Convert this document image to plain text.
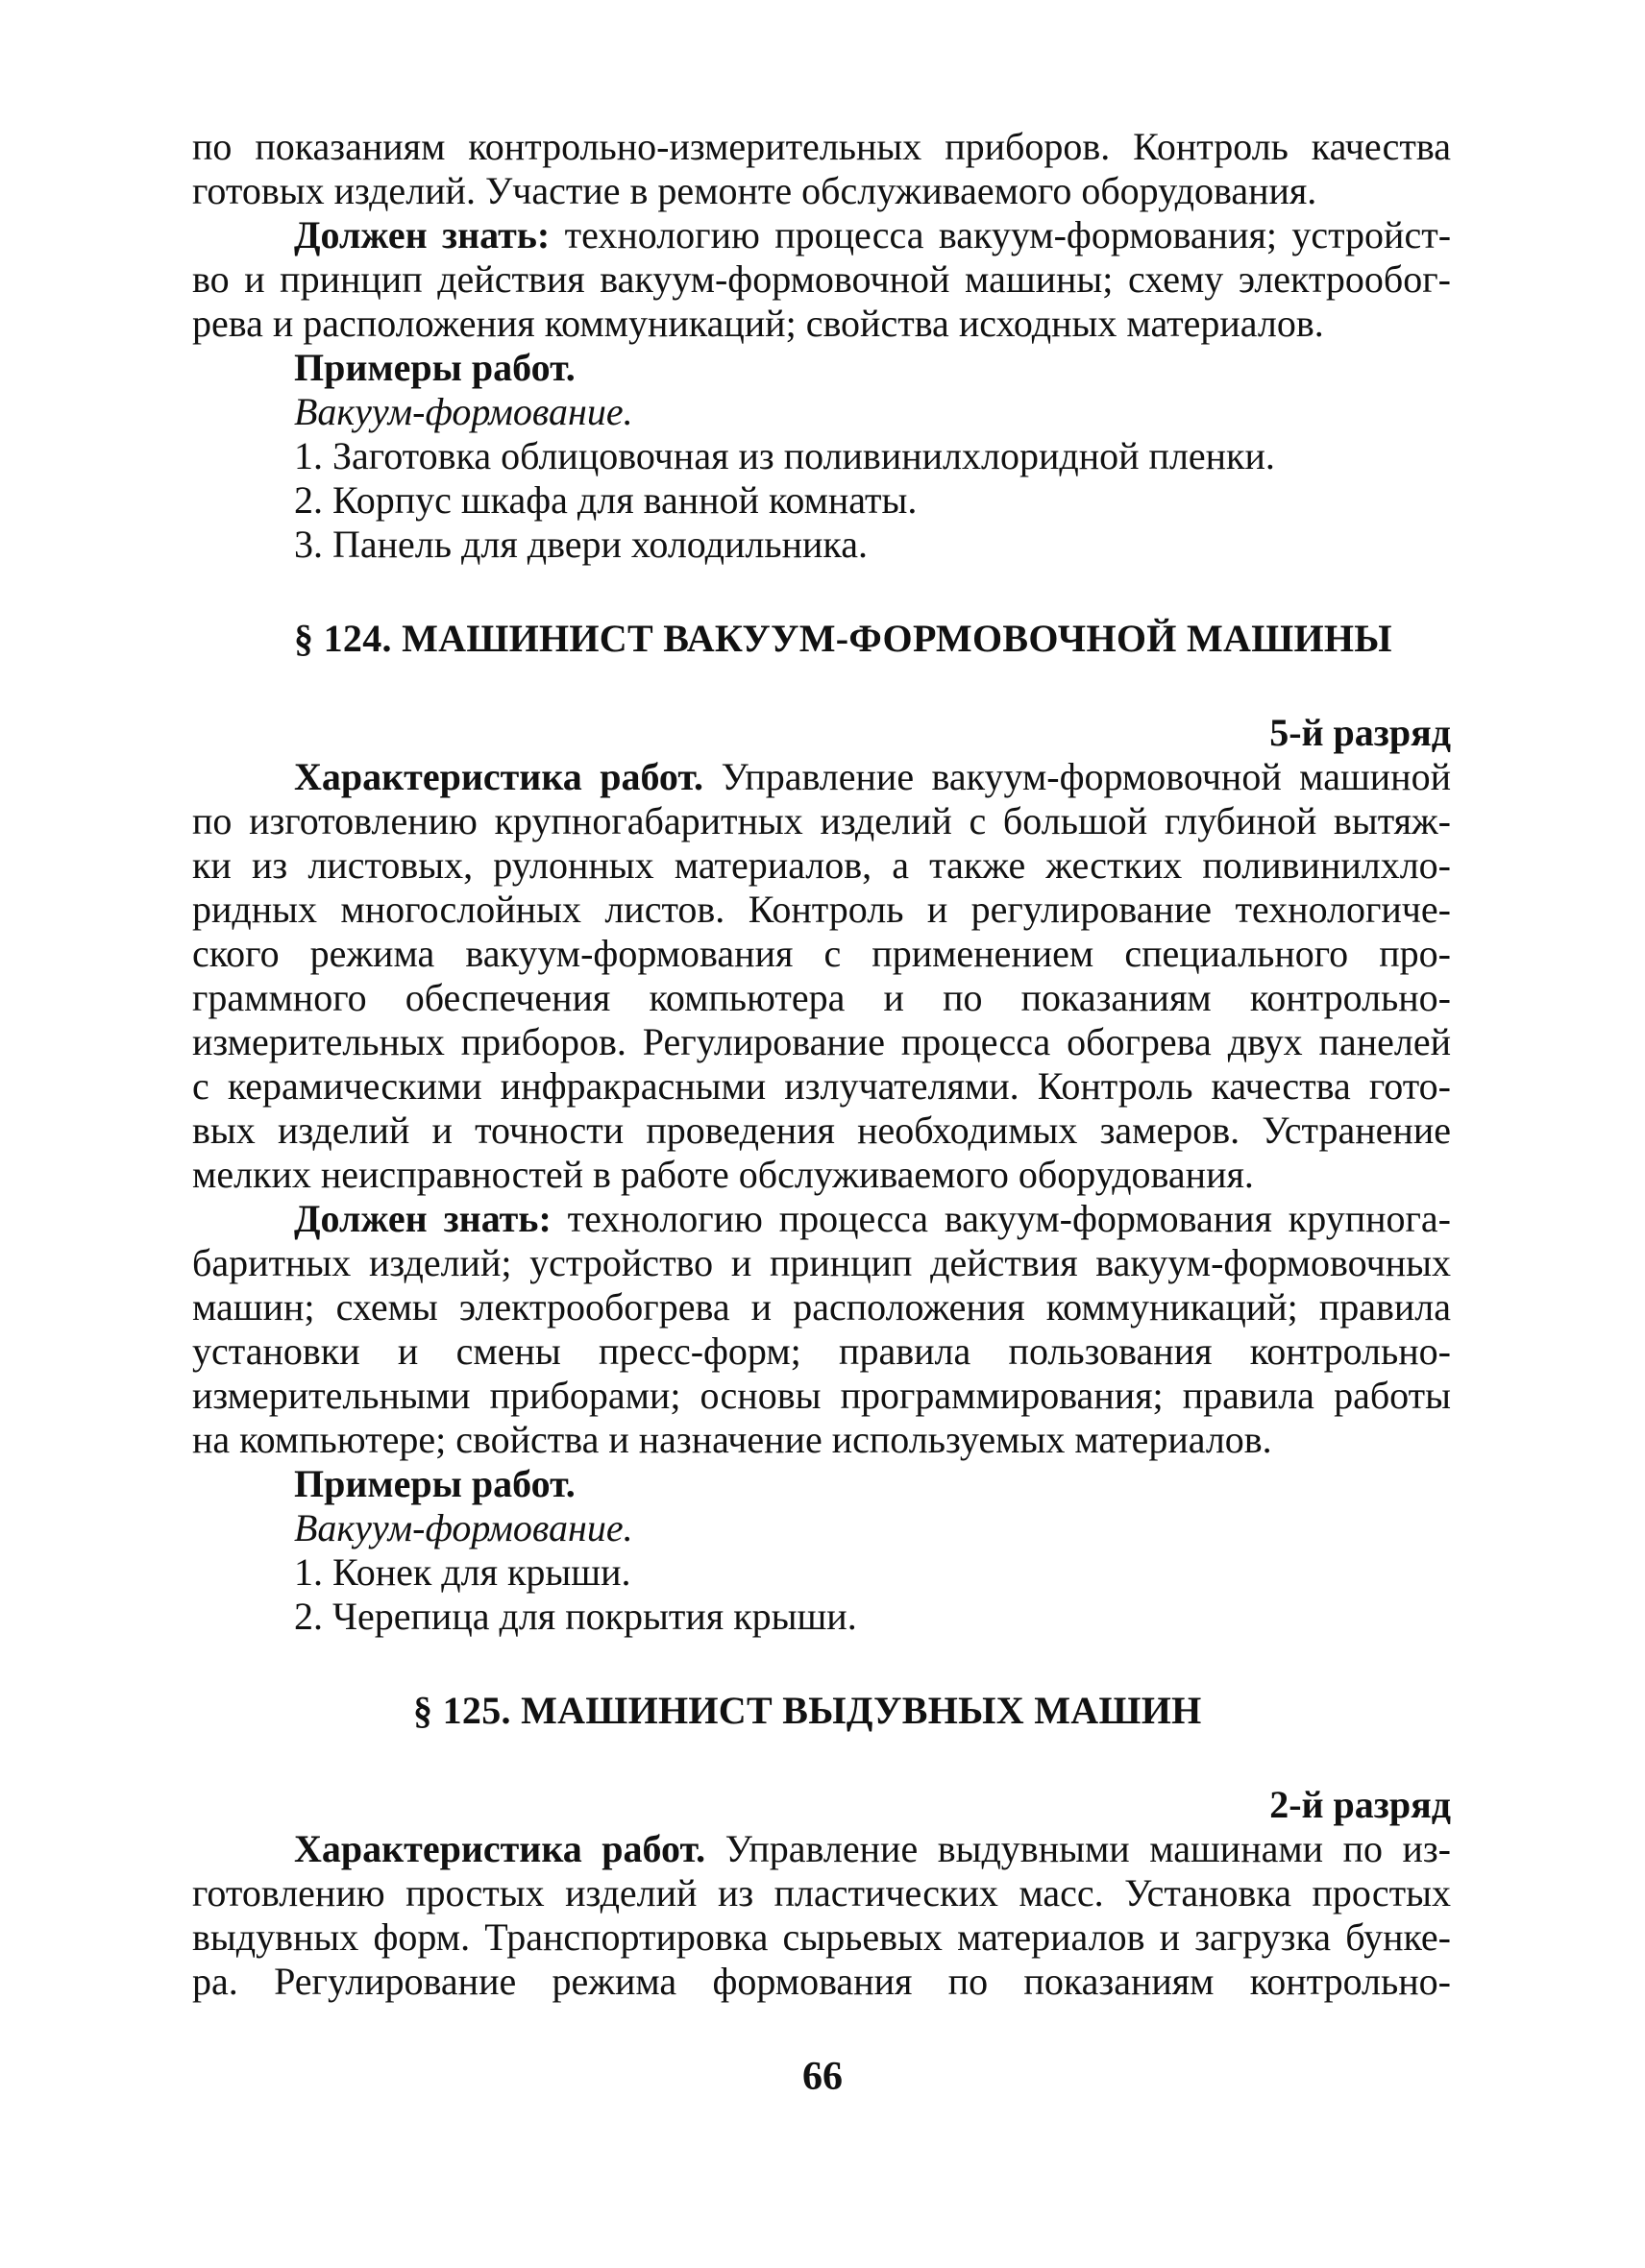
по показаниям контрольно-измерительных приборов. Контроль качества
готовых изделий. Участие в ремонте обслуживаемого оборудования.
Должен знать: технологию процесса вакуум-формования; устройст-
во и принцип действия вакуум-формовочной машины; схему электрообог-
рева и расположения коммуникаций; свойства исходных материалов.
Примеры работ.
Вакуум-формование.
1. Заготовка облицовочная из поливинилхлоридной пленки.
2. Корпус шкафа для ванной комнаты.
3. Панель для двери холодильника.
§ 124. МАШИНИСТ ВАКУУМ-ФОРМОВОЧНОЙ МАШИНЫ
5-й разряд
Характеристика работ. Управление вакуум-формовочной машиной
по изготовлению крупногабаритных изделий с большой глубиной вытяж-
ки из листовых, рулонных материалов, а также жестких поливинилхло-
ридных многослойных листов. Контроль и регулирование технологиче-
ского режима вакуум-формования с применением специального про-
граммного обеспечения компьютера и по показаниям контрольно-
измерительных приборов. Регулирование процесса обогрева двух панелей
с керамическими инфракрасными излучателями. Контроль качества гото-
вых изделий и точности проведения необходимых замеров. Устранение
мелких неисправностей в работе обслуживаемого оборудования.
Должен знать: технологию процесса вакуум-формования крупнога-
баритных изделий; устройство и принцип действия вакуум-формовочных
машин; схемы электрообогрева и расположения коммуникаций; правила
установки и смены пресс-форм; правила пользования контрольно-
измерительными приборами; основы программирования; правила работы
на компьютере; свойства и назначение используемых материалов.
Примеры работ.
Вакуум-формование.
1. Конек для крыши.
2. Черепица для покрытия крыши.
§ 125. МАШИНИСТ ВЫДУВНЫХ МАШИН
2-й разряд
Характеристика работ. Управление выдувными машинами по из-
готовлению простых изделий из пластических масс. Установка простых
выдувных форм. Транспортировка сырьевых материалов и загрузка бунке-
ра. Регулирование режима формования по показаниям контрольно-
66
